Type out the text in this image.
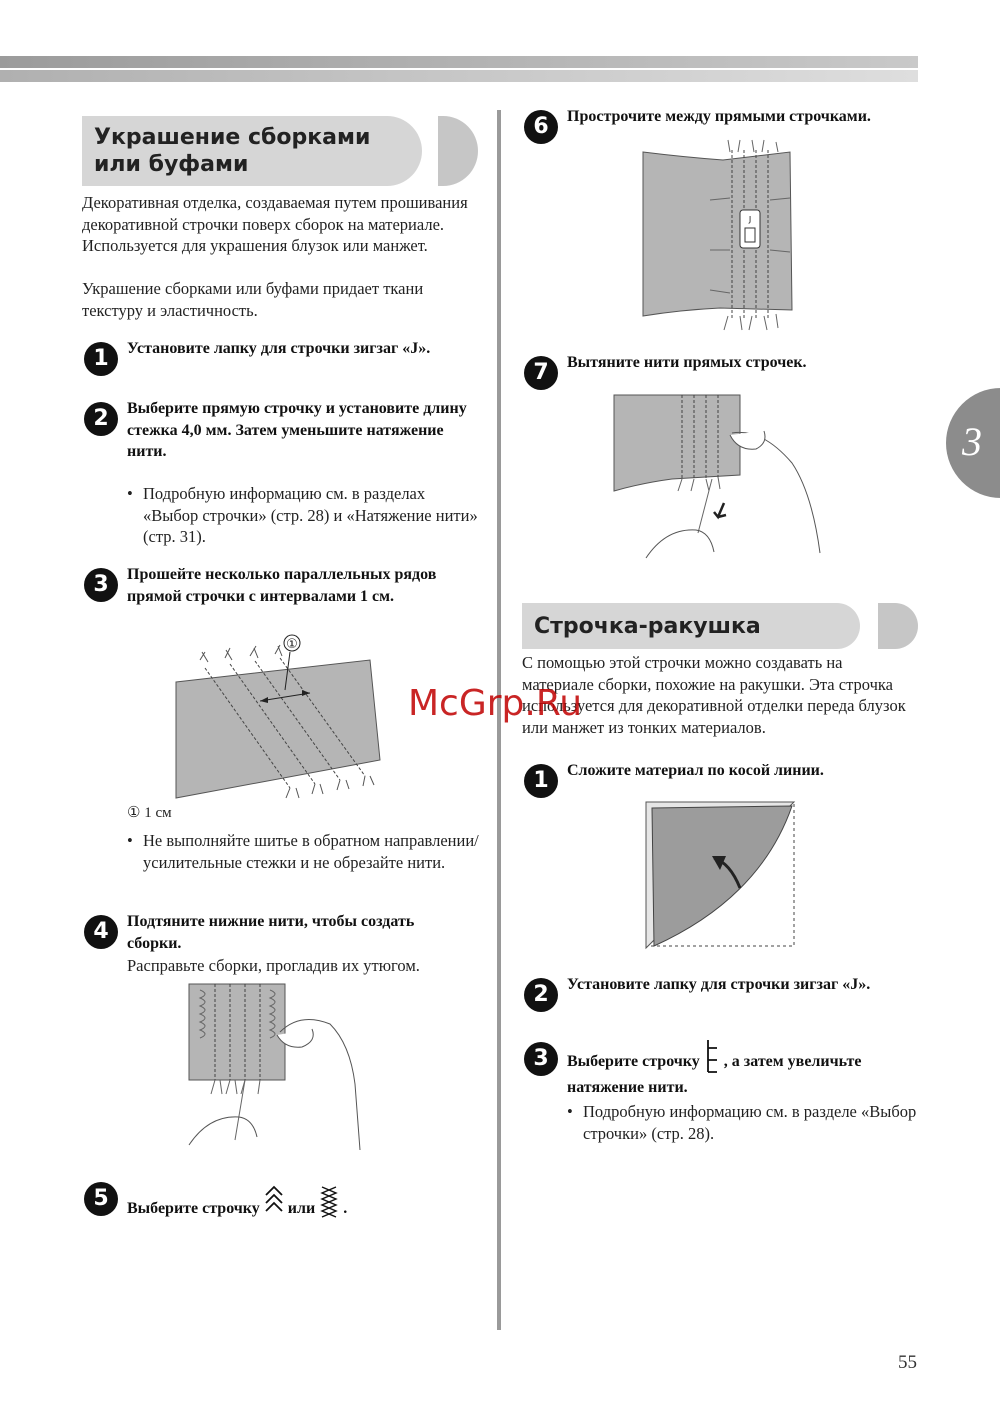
Украшение сборками или буфами
Декоративная отделка, создаваемая путем прошивания декоративной строчки поверх сборок на материале. Используется для украшения блузок или манжет.
Украшение сборками или буфами придает ткани текстуру и эластичность.
1	Установите лапку для строчки зигзаг «J».
2	Выберите прямую строчку и установите длину стежка 4,0 мм. Затем уменьшите натяжение нити.
• Подробную информацию см. в разделах «Выбор строчки» (стр. 28) и «Натяжение нити» (стр. 31).
3	Прошейте несколько параллельных рядов прямой строчки с интервалами 1 см.
①
① 1 см
• Не выполняйте шитье в обратном направлении/усилительные стежки и не обрезайте нити.
4	Подтяните нижние нити, чтобы создать сборки.
Расправьте сборки, прогладив их утюгом.
5	Выберите строчку или .
6	Прострочите между прямыми строчками.
J
7	Вытяните нити прямых строчек.
Строчка-ракушка
С помощью этой строчки можно создавать на материале сборки, похожие на ракушки. Эта строчка используется для декоративной отделки переда блузок или манжет из тонких материалов.
1	Сложите материал по косой линии.
2	Установите лапку для строчки зигзаг «J».
3	Выберите строчку , а затем увеличьте натяжение нити.
• Подробную информацию см. в разделе «Выбор строчки» (стр. 28).
3
McGrp.Ru
55
